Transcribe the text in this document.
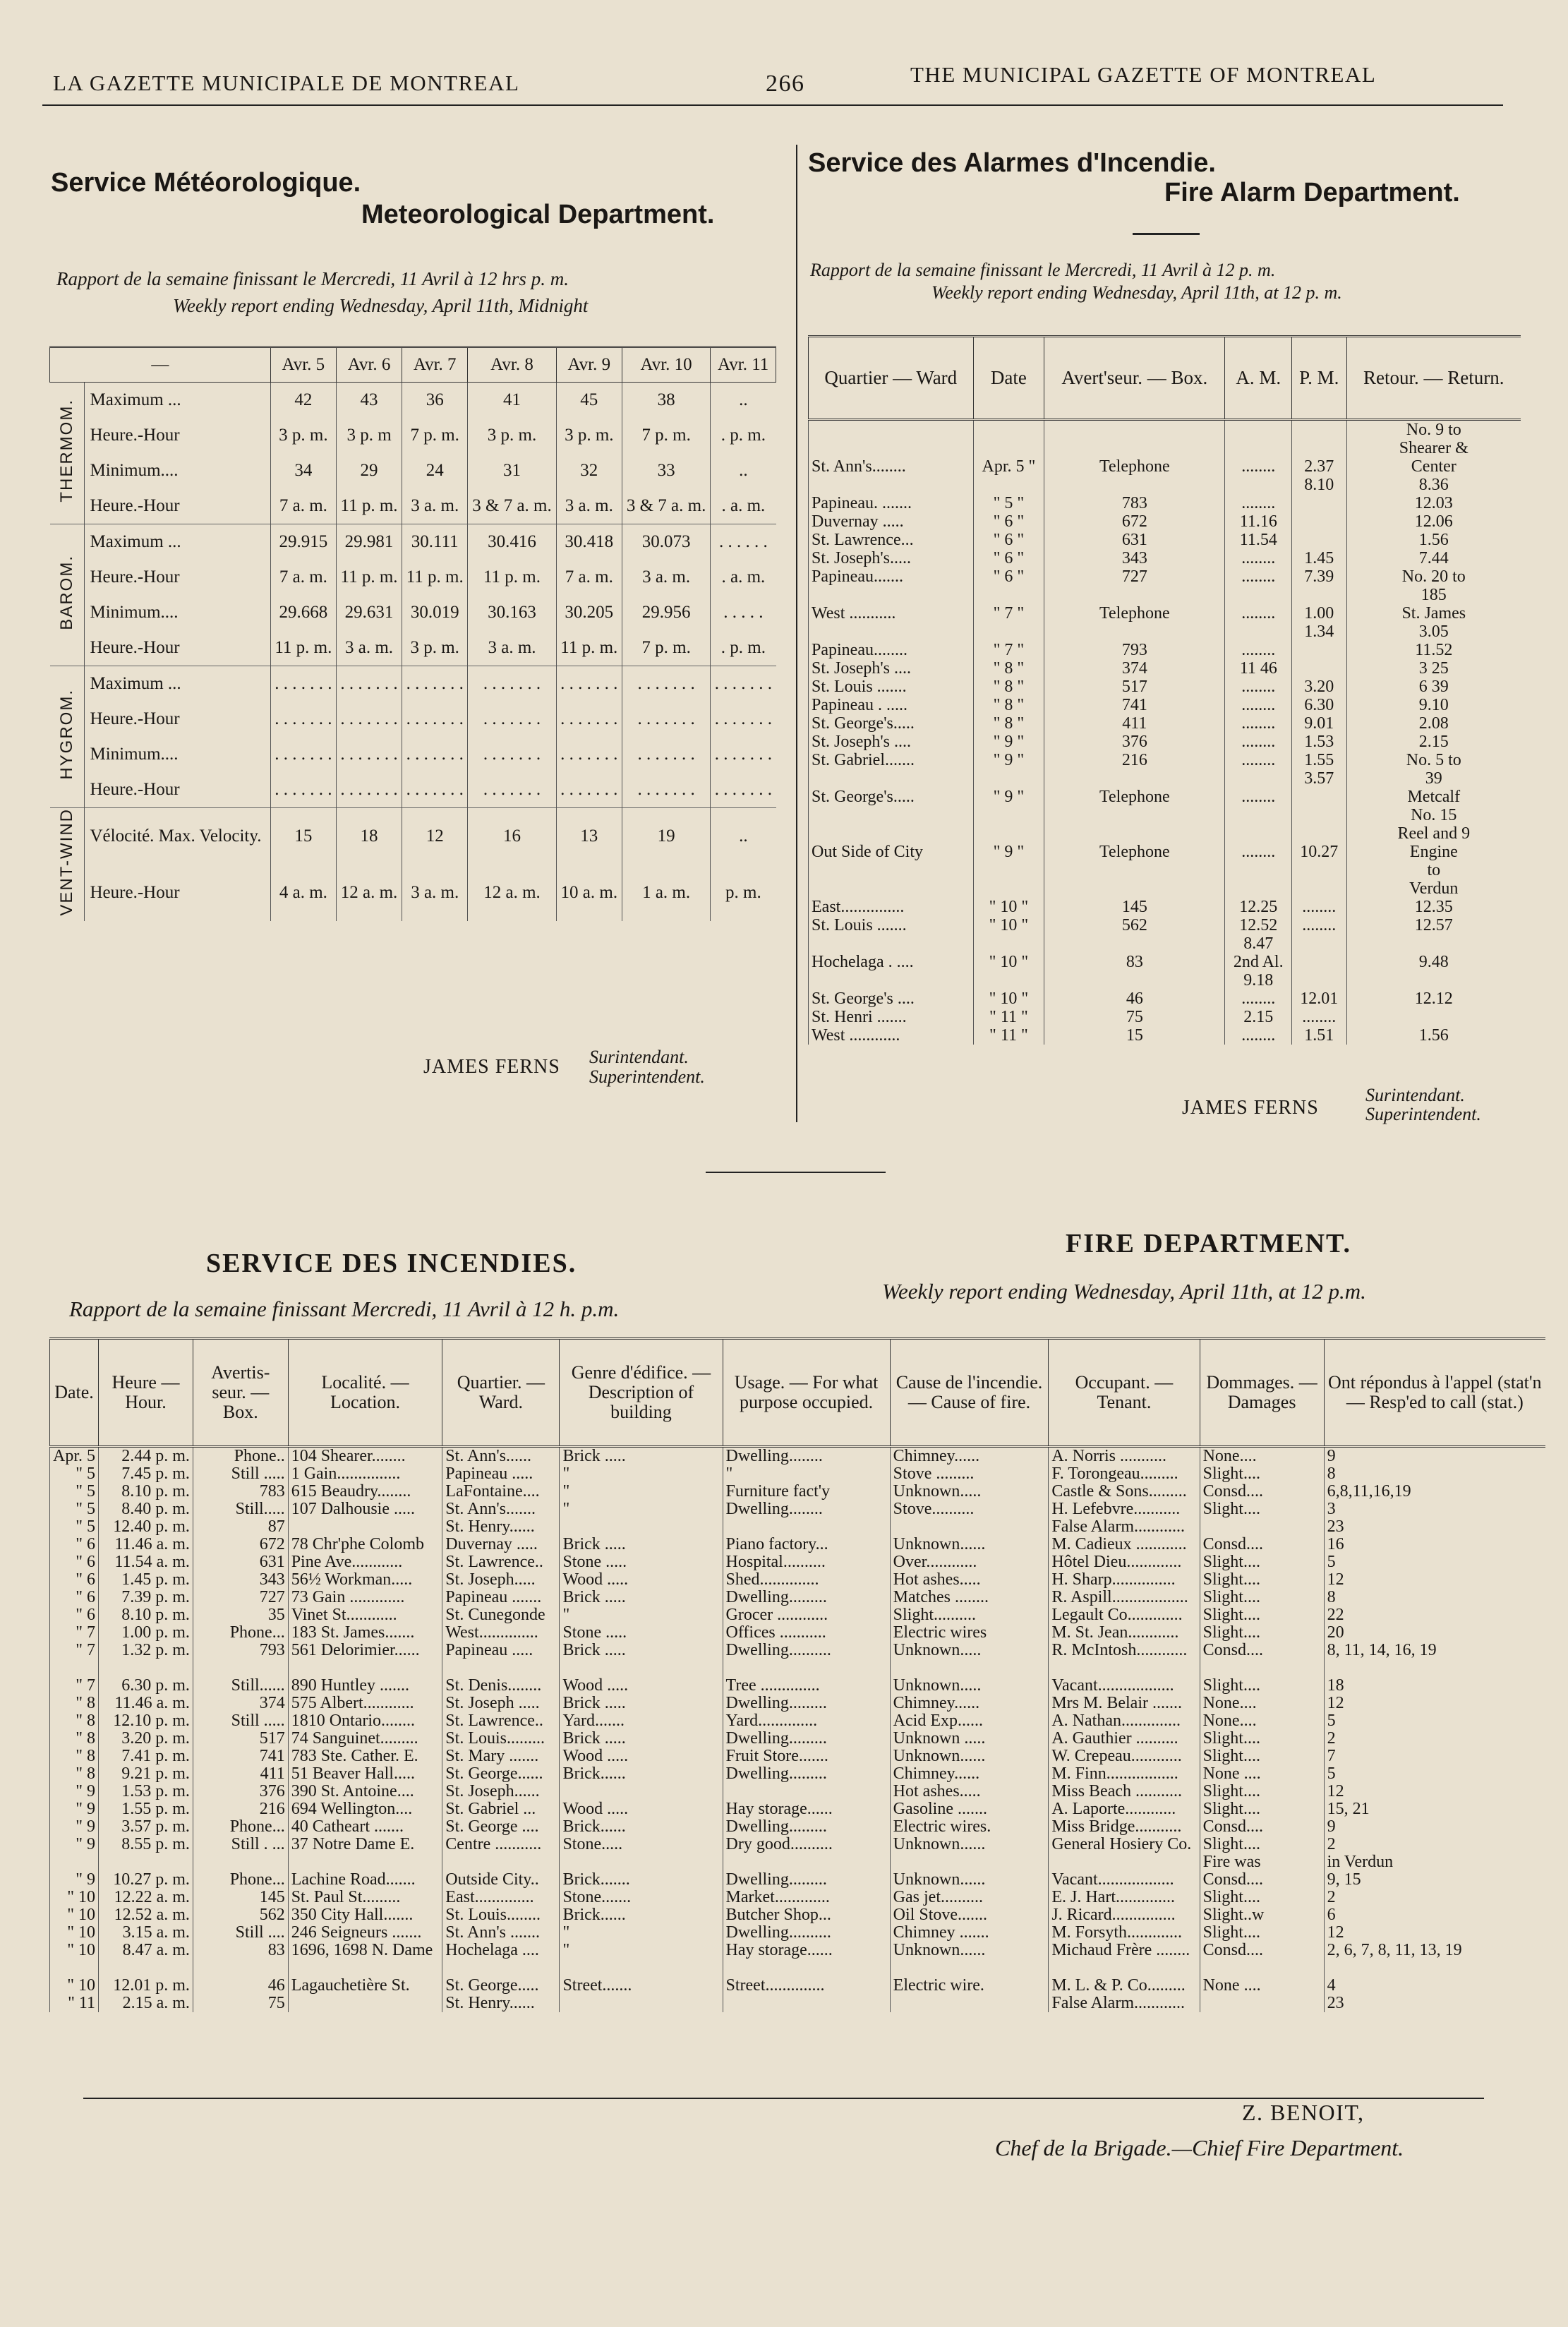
LA GAZETTE MUNICIPALE DE MONTREAL	266	THE MUNICIPAL GAZETTE OF MONTREAL
Service Météorologique.
Meteorological Department.
Rapport de la semaine finissant le Mercredi, 11 Avril à 12 hrs p. m.
Weekly report ending Wednesday, April 11th, Midnight
—		Avr. 5	Avr. 6	Avr. 7	Avr. 8	Avr. 9	Avr. 10	Avr. 11
THERMOM.	Maximum ...	42	43	36	41	45	38	..
	Heure.-Hour	3 p. m.	3 p. m	7 p. m.	3 p. m.	3 p. m.	7 p. m.	. p. m.
	Minimum....	34	29	24	31	32	33	..
	Heure.-Hour	7 a. m.	11 p. m.	3 a. m.	3 & 7 a. m.	3 a. m.	3 & 7 a. m.	. a. m.
BAROM.	Maximum ...	29.915	29.981	30.111	30.416	30.418	30.073	. . . . . .
	Heure.-Hour	7 a. m.	11 p. m.	11 p. m.	11 p. m.	7 a. m.	3 a. m.	. a. m.
	Minimum....	29.668	29.631	30.019	30.163	30.205	29.956	. . . . .
	Heure.-Hour	11 p. m.	3 a. m.	3 p. m.	3 a. m.	11 p. m.	7 p. m.	. p. m.
HYGROM.	Maximum ...	. . . . . . .	. . . . . . .	. . . . . . .	. . . . . . .	. . . . . . .	. . . . . . .	. . . . . . .
	Heure.-Hour	. . . . . . .	. . . . . . .	. . . . . . .	. . . . . . .	. . . . . . .	. . . . . . .	. . . . . . .
	Minimum....	. . . . . . .	. . . . . . .	. . . . . . .	. . . . . . .	. . . . . . .	. . . . . . .	. . . . . . .
	Heure.-Hour	. . . . . . .	. . . . . . .	. . . . . . .	. . . . . . .	. . . . . . .	. . . . . . .	. . . . . . .
VENT-WIND	Vélocité. Max. Velocity.	15	18	12	16	13	19	..
	Heure.-Hour	4 a. m.	12 a. m.	3 a. m.	12 a. m.	10 a. m.	1 a. m.	p. m.
JAMES FERNS Surintendant.
Superintendent.
Service des Alarmes d'Incendie.
Fire Alarm Department.
Rapport de la semaine finissant le Mercredi, 11 Avril à 12 p. m.
Weekly report ending Wednesday, April 11th, at 12 p. m.
Quartier — Ward	Date	Avert'seur. — Box.	A. M.	P. M.	Retour. — Return.
					No. 9 to
					Shearer &
St. Ann's........	Apr. 5 "	Telephone	........	2.37	Center
				8.10	8.36
Papineau. .......	" 5 "	783	........		12.03
Duvernay .....	" 6 "	672	11.16		12.06
St. Lawrence...	" 6 "	631	11.54		1.56
St. Joseph's.....	" 6 "	343	........	1.45	7.44
Papineau.......	" 6 "	727	........	7.39	No. 20 to
					185
West ...........	" 7 "	Telephone	........	1.00	St. James
				1.34	3.05
Papineau........	" 7 "	793	........		11.52
St. Joseph's ....	" 8 "	374	11 46		3 25
St. Louis .......	" 8 "	517	........	3.20	6 39
Papineau . .....	" 8 "	741	........	6.30	9.10
St. George's.....	" 8 "	411	........	9.01	2.08
St. Joseph's ....	" 9 "	376	........	1.53	2.15
St. Gabriel.......	" 9 "	216	........	1.55	No. 5 to
				3.57	39
St. George's.....	" 9 "	Telephone	........		Metcalf
					No. 15
					Reel and 9
Out Side of City	" 9 "	Telephone	........	10.27	Engine
					to
					Verdun
East...............	" 10 "	145	12.25	........	12.35
St. Louis .......	" 10 "	562	12.52	........	12.57
			8.47		
Hochelaga . ....	" 10 "	83	2nd Al.		9.48
			9.18		
St. George's ....	" 10 "	46	........	12.01	12.12
St. Henri .......	" 11 "	75	2.15	........	
West ............	" 11 "	15	........	1.51	1.56
JAMES FERNS
Surintendant.
Superintendent.
SERVICE DES INCENDIES.
FIRE DEPARTMENT.
Rapport de la semaine finissant Mercredi, 11 Avril à 12 h. p.m.
Weekly report ending Wednesday, April 11th, at 12 p.m.
Date.	Heure — Hour.	Avertis-seur. — Box.	Localité. — Location.	Quartier. — Ward.	Genre d'édifice. — Description of building	Usage. — For what purpose occupied.	Cause de l'incendie. — Cause of fire.	Occupant. — Tenant.	Dommages. — Damages	Ont répondus à l'appel (stat'n — Resp'ed to call (stat.)
Apr. 5	2.44 p. m.	Phone..	104 Shearer........	St. Ann's......	Brick .....	Dwelling........	Chimney......	A. Norris ...........	None....	9
" 5	7.45 p. m.	Still .....	1 Gain...............	Papineau .....	"	"	Stove .........	F. Torongeau.........	Slight....	8
" 5	8.10 p. m.	783	615 Beaudry........	LaFontaine....	"	Furniture fact'y	Unknown.....	Castle & Sons.........	Consd....	6,8,11,16,19
" 5	8.40 p. m.	Still.....	107 Dalhousie .....	St. Ann's.......	"	Dwelling........	Stove..........	H. Lefebvre...........	Slight....	3
" 5	12.40 p. m.	87		St. Henry......				False Alarm............		23
" 6	11.46 a. m.	672	78 Chr'phe Colomb	Duvernay .....	Brick .....	Piano factory...	Unknown......	M. Cadieux ............	Consd....	16
" 6	11.54 a. m.	631	Pine Ave............	St. Lawrence..	Stone .....	Hospital..........	Over............	Hôtel Dieu.............	Slight....	5
" 6	1.45 p. m.	343	56½ Workman.....	St. Joseph.....	Wood .....	Shed..............	Hot ashes.....	H. Sharp...............	Slight....	12
" 6	7.39 p. m.	727	73 Gain .............	Papineau .......	Brick .....	Dwelling.........	Matches ........	R. Aspill..................	Slight....	8
" 6	8.10 p. m.	35	Vinet St............	St. Cunegonde	"	Grocer ............	Slight..........	Legault Co.............	Slight....	22
" 7	1.00 p. m.	Phone...	183 St. James.......	West..............	Stone .....	Offices ...........	Electric wires	M. St. Jean............	Slight....	20
" 7	1.32 p. m.	793	561 Delorimier......	Papineau .....	Brick .....	Dwelling..........	Unknown.....	R. McIntosh............	Consd....	8, 11, 14, 16, 19

" 7	6.30 p. m.	Still......	890 Huntley .......	St. Denis........	Wood .....	Tree ..............	Unknown.....	Vacant..................	Slight....	18
" 8	11.46 a. m.	374	575 Albert............	St. Joseph .....	Brick .....	Dwelling.........	Chimney......	Mrs M. Belair .......	None....	12
" 8	12.10 p. m.	Still .....	1810 Ontario........	St. Lawrence..	Yard.......	Yard..............	Acid Exp......	A. Nathan..............	None....	5
" 8	3.20 p. m.	517	74 Sanguinet.........	St. Louis.........	Brick .....	Dwelling.........	Unknown .....	A. Gauthier ..........	Slight....	2
" 8	7.41 p. m.	741	783 Ste. Cather. E.	St. Mary .......	Wood .....	Fruit Store.......	Unknown......	W. Crepeau............	Slight....	7
" 8	9.21 p. m.	411	51 Beaver Hall.....	St. George......	Brick......	Dwelling.........	Chimney......	M. Finn.................	None ....	5
" 9	1.53 p. m.	376	390 St. Antoine....	St. Joseph......			Hot ashes.....	Miss Beach ...........	Slight....	12
" 9	1.55 p. m.	216	694 Wellington....	St. Gabriel ...	Wood .....	Hay storage......	Gasoline .......	A. Laporte............	Slight....	15, 21
" 9	3.57 p. m.	Phone...	40 Catheart .......	St. George ....	Brick......	Dwelling.........	Electric wires.	Miss Bridge...........	Consd....	9
" 9	8.55 p. m.	Still . ...	37 Notre Dame E.	Centre ...........	Stone.....	Dry good..........	Unknown......	General Hosiery Co.	Slight....	2
									Fire was	in Verdun
" 9	10.27 p. m.	Phone...	Lachine Road.......	Outside City..	Brick.......	Dwelling.........	Unknown......	Vacant..................	Consd....	9, 15
" 10	12.22 a. m.	145	St. Paul St.........	East..............	Stone.......	Market.............	Gas jet..........	E. J. Hart..............	Slight....	2
" 10	12.52 a. m.	562	350 City Hall.......	St. Louis........	Brick......	Butcher Shop...	Oil Stove.......	J. Ricard...............	Slight..w	6
" 10	3.15 a. m.	Still ....	246 Seigneurs .......	St. Ann's .......	"	Dwelling..........	Chimney .......	M. Forsyth.............	Slight....	12
" 10	8.47 a. m.	83	1696, 1698 N. Dame	Hochelaga ....	"	Hay storage......	Unknown......	Michaud Frère ........	Consd....	2, 6, 7, 8, 11, 13, 19

" 10	12.01 p. m.	46	Lagauchetière St.	St. George.....	Street.......	Street..............	Electric wire.	M. L. & P. Co.........	None ....	4
" 11	2.15 a. m.	75		St. Henry......				False Alarm............		23
Z. BENOIT,
Chef de la Brigade.—Chief Fire Department.
